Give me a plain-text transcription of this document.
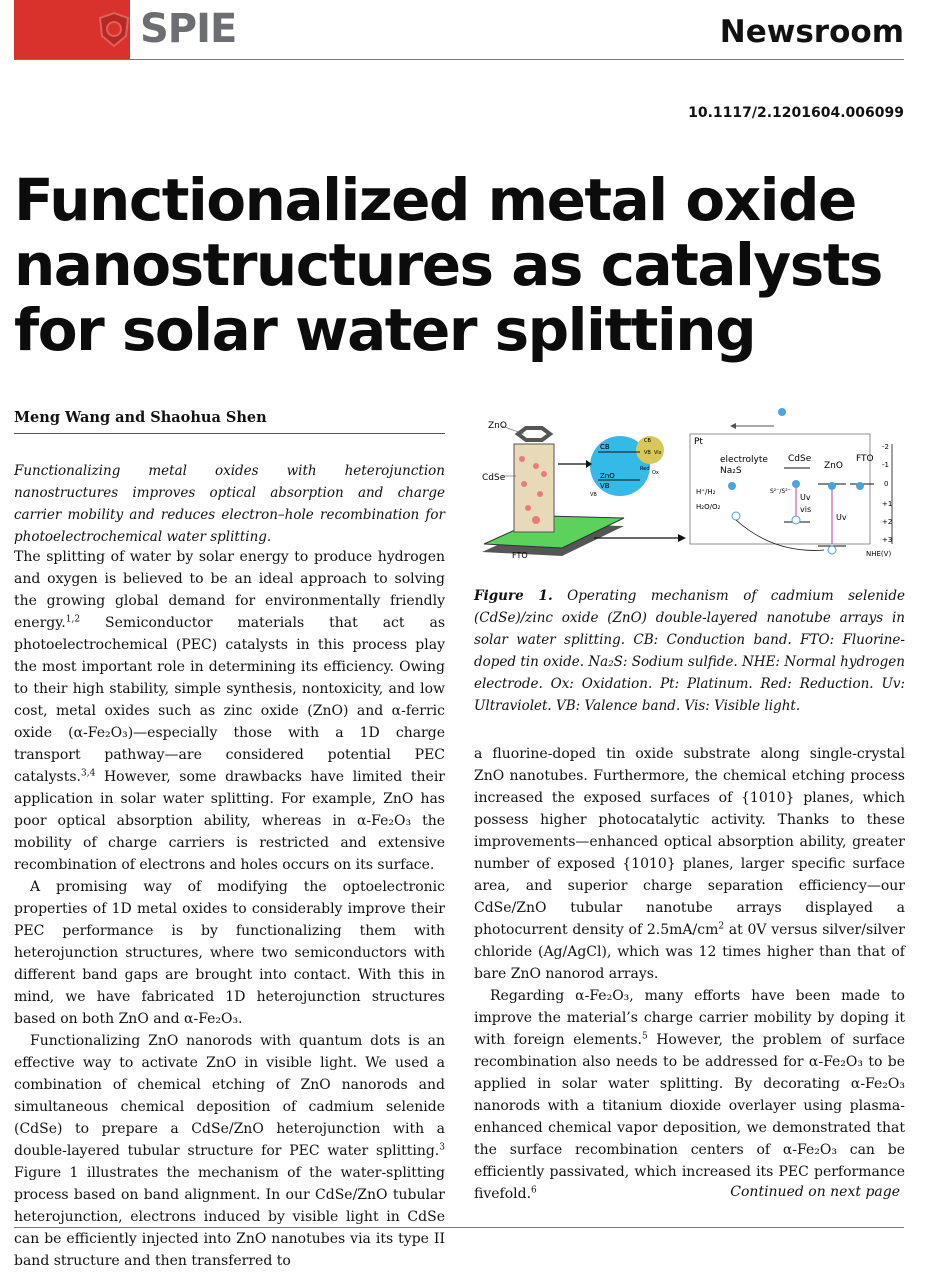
SPIE	Newsroom
10.1117/2.1201604.006099
Functionalized metal oxide nanostructures as catalysts for solar water splitting
Meng Wang and Shaohua Shen

Functionalizing metal oxides with heterojunction nanostructures improves optical absorption and charge carrier mobility and reduces electron–hole recombination for photoelectrochemical water splitting.

The splitting of water by solar energy to produce hydrogen and oxygen is believed to be an ideal approach to solving the growing global demand for environmentally friendly energy.$^{1,2}$ Semiconductor materials that act as photoelectrochemical (PEC) catalysts in this process play the most important role in determining its efficiency. Owing to their high stability, simple synthesis, nontoxicity, and low cost, metal oxides such as zinc oxide (ZnO) and α-ferric oxide (α-Fe₂O₃)—especially those with a 1D charge transport pathway—are considered potential PEC catalysts.$^{3,4}$ However, some drawbacks have limited their application in solar water splitting. For example, ZnO has poor optical absorption ability, whereas in α-Fe₂O₃ the mobility of charge carriers is restricted and extensive recombination of electrons and holes occurs on its surface.

A promising way of modifying the optoelectronic properties of 1D metal oxides to considerably improve their PEC performance is by functionalizing them with heterojunction structures, where two semiconductors with different band gaps are brought into contact. With this in mind, we have fabricated 1D heterojunction structures based on both ZnO and α-Fe₂O₃.

Functionalizing ZnO nanorods with quantum dots is an effective way to activate ZnO in visible light. We used a combination of chemical etching of ZnO nanorods and simultaneous chemical deposition of cadmium selenide (CdSe) to prepare a CdSe/ZnO heterojunction with a double-layered tubular structure for PEC water splitting.$^3$ Figure 1 illustrates the mechanism of the water-splitting process based on band alignment. In our CdSe/ZnO tubular heterojunction, electrons induced by visible light in CdSe can be efficiently injected into ZnO nanotubes via its type II band structure and then transferred to

ZnO
CdSe
FTO
CB
ZnO
VB
CB
Vis
VB
Red
Ox
VB
Pt
electrolyte
Na₂S
CdSe
ZnO
FTO
H⁺/H₂
H₂O/O₂
S²⁻/S²⁻
Uv
vis
Uv
-2
-1
0
+1
+2
+3
NHE(V)

Figure 1. Operating mechanism of cadmium selenide (CdSe)/zinc oxide (ZnO) double-layered nanotube arrays in solar water splitting. CB: Conduction band. FTO: Fluorine-doped tin oxide. Na₂S: Sodium sulfide. NHE: Normal hydrogen electrode. Ox: Oxidation. Pt: Platinum. Red: Reduction. Uv: Ultraviolet. VB: Valence band. Vis: Visible light.

a fluorine-doped tin oxide substrate along single-crystal ZnO nanotubes. Furthermore, the chemical etching process increased the exposed surfaces of {1010} planes, which possess higher photocatalytic activity. Thanks to these improvements—enhanced optical absorption ability, greater number of exposed {1010} planes, larger specific surface area, and superior charge separation efficiency—our CdSe/ZnO tubular nanotube arrays displayed a photocurrent density of $2.5mA/cm^2$ at 0V versus silver/silver chloride (Ag/AgCl), which was 12 times higher than that of bare ZnO nanorod arrays.

Regarding α-Fe₂O₃, many efforts have been made to improve the material’s charge carrier mobility by doping it with foreign elements.$^5$ However, the problem of surface recombination also needs to be addressed for α-Fe₂O₃ to be applied in solar water splitting. By decorating α-Fe₂O₃ nanorods with a titanium dioxide overlayer using plasma-enhanced chemical vapor deposition, we demonstrated that the surface recombination centers of α-Fe₂O₃ can be efficiently passivated, which increased its PEC performance fivefold.$^6$	Continued on next page
